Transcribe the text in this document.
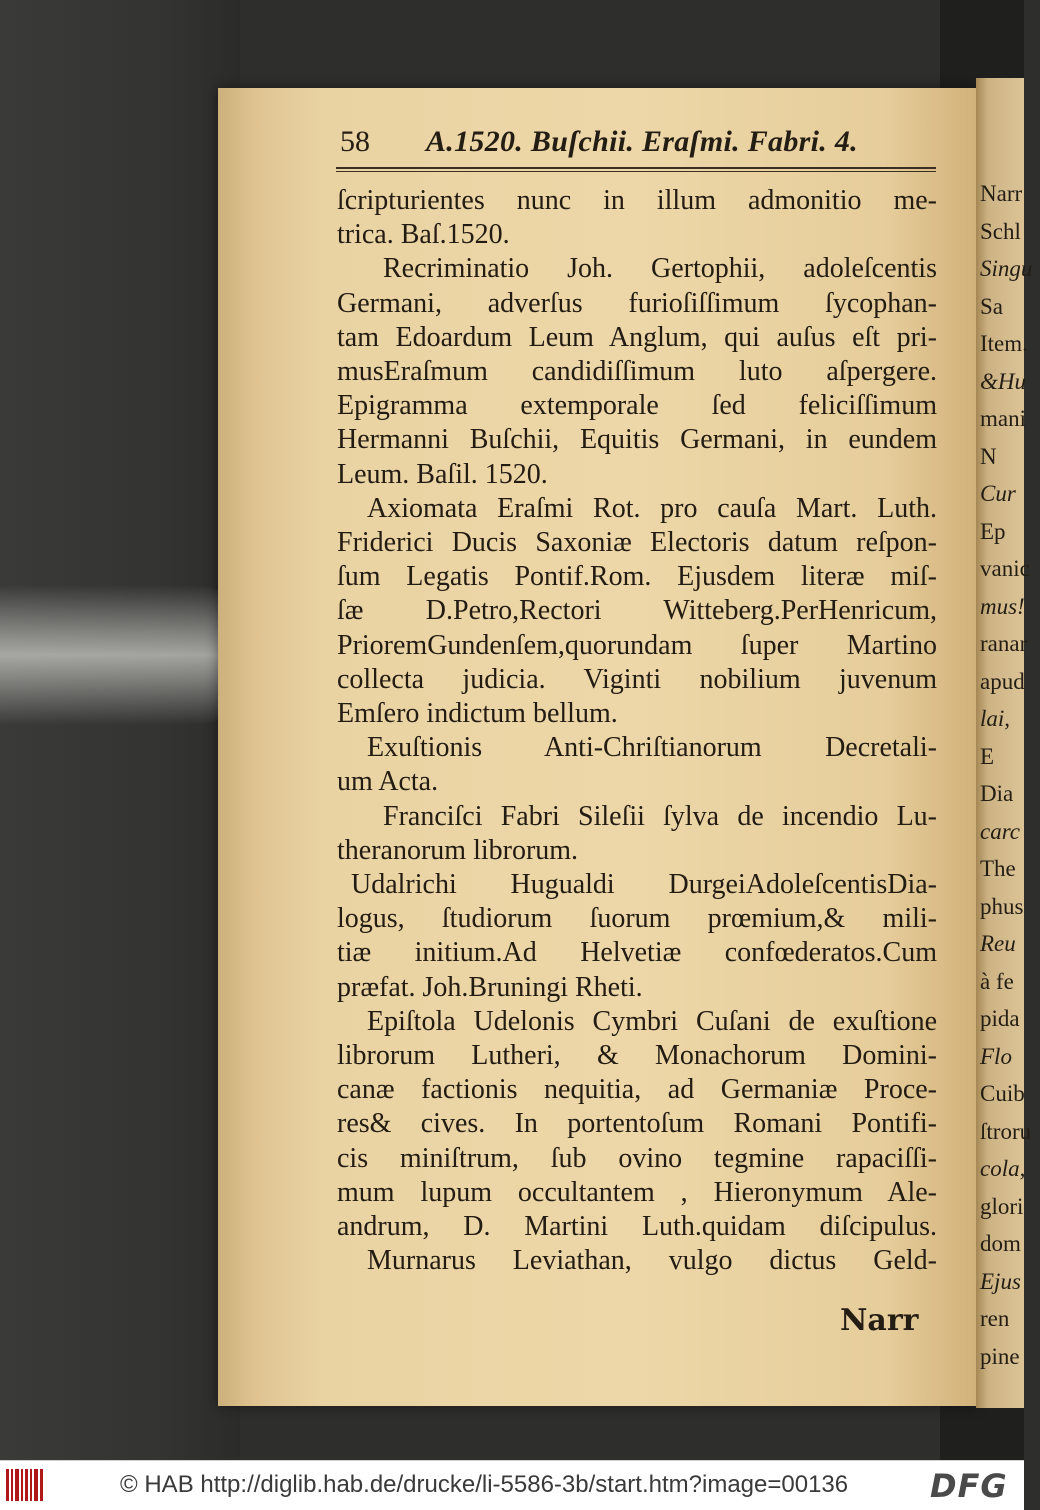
Narr
Schl
Singu
Sa
Item.
&Hu
mani
N
Cur
Ep
vanic
mus!
ranar
apud
lai,
E
Dia
carc
The
phus
Reu
à fe
pida
Flo
Cuib
ſtroru
cola,
glori
dom
Ejus
ren
pine
58 A.1520. Buſchii. Eraſmi. Fabri. 4.
ſcripturientes nunc in illum admonitio me-
trica. Baſ.1520.
Recriminatio Joh. Gertophii, adoleſcentis
Germani, adverſus furioſiſſimum ſycophan-
tam Edoardum Leum Anglum, qui auſus eſt pri-
musEraſmum candidiſſimum luto aſpergere.
Epigramma extemporale ſed feliciſſimum
Hermanni Buſchii, Equitis Germani, in eundem
Leum. Baſil. 1520.
Axiomata Eraſmi Rot. pro cauſa Mart. Luth.
Friderici Ducis Saxoniæ Electoris datum reſpon-
ſum Legatis Pontif.Rom. Ejusdem literæ miſ-
ſæ D.Petro,Rectori Witteberg.PerHenricum,
PrioremGundenſem,quorundam ſuper Martino
collecta judicia. Viginti nobilium juvenum
Emſero indictum bellum.
Exuſtionis Anti-Chriſtianorum Decretali-
um Acta.
Franciſci Fabri Sileſii ſylva de incendio Lu-
theranorum librorum.
Udalrichi Hugualdi DurgeiAdoleſcentisDia-
logus, ſtudiorum ſuorum prœmium,& mili-
tiæ initium.Ad Helvetiæ confœderatos.Cum
præfat. Joh.Bruningi Rheti.
Epiſtola Udelonis Cymbri Cuſani de exuſtione
librorum Lutheri, & Monachorum Domini-
canæ factionis nequitia, ad Germaniæ Proce-
res& cives. In portentoſum Romani Pontifi-
cis miniſtrum, ſub ovino tegmine rapaciſſi-
mum lupum occultantem , Hieronymum Ale-
andrum, D. Martini Luth.quidam diſcipulus.
Murnarus Leviathan, vulgo dictus Geld-
Narr
© HAB http://diglib.hab.de/drucke/li-5586-3b/start.htm?image=00136	DFG
